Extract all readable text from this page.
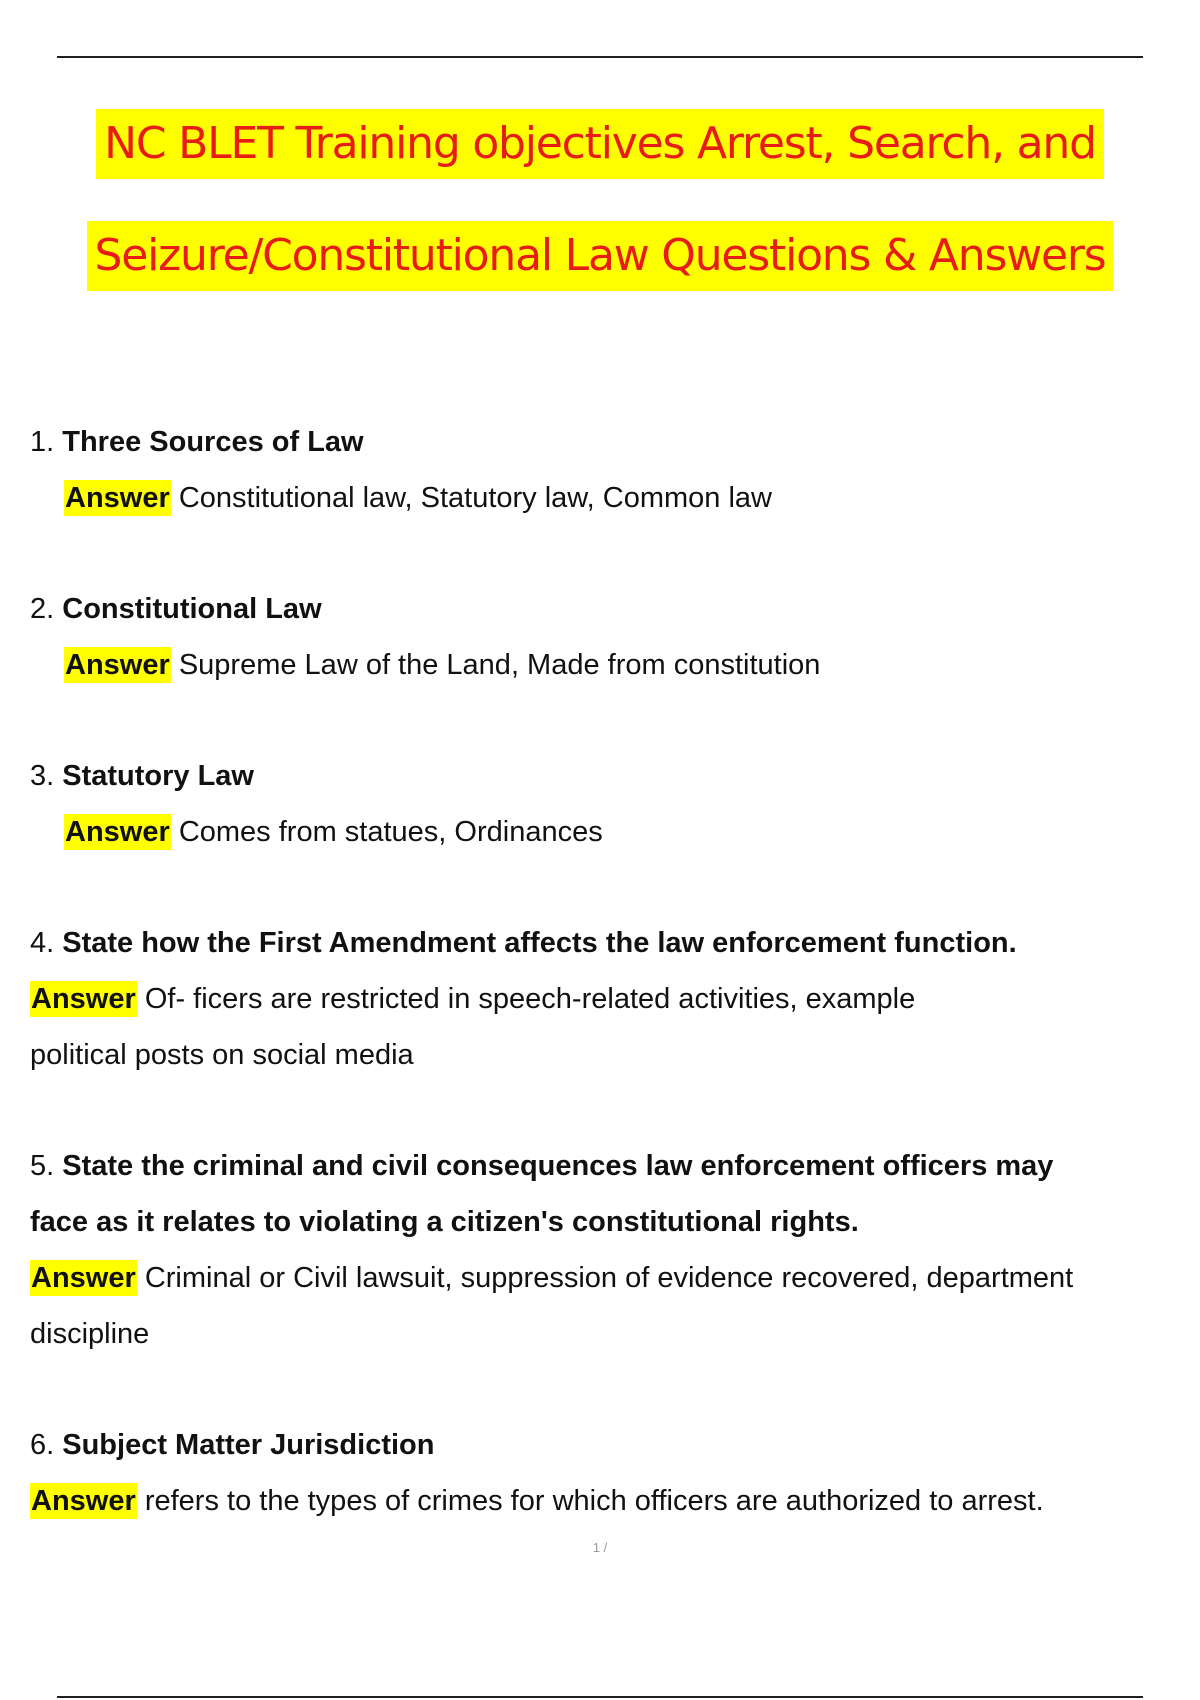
NC BLET Training objectives Arrest, Search, and
Seizure/Constitutional Law Questions & Answers
1. Three Sources of Law
Answer Constitutional law, Statutory law, Common law
2. Constitutional Law
Answer Supreme Law of the Land, Made from constitution
3. Statutory Law
Answer Comes from statues, Ordinances
4. State how the First Amendment affects the law enforcement function.
Answer Of- ficers are restricted in speech-related activities, example
political posts on social media
5. State the criminal and civil consequences law enforcement officers may
face as it relates to violating a citizen's constitutional rights.
Answer Criminal or Civil lawsuit, suppression of evidence recovered, department
discipline
6. Subject Matter Jurisdiction
Answer refers to the types of crimes for which officers are authorized to arrest.
1 /
